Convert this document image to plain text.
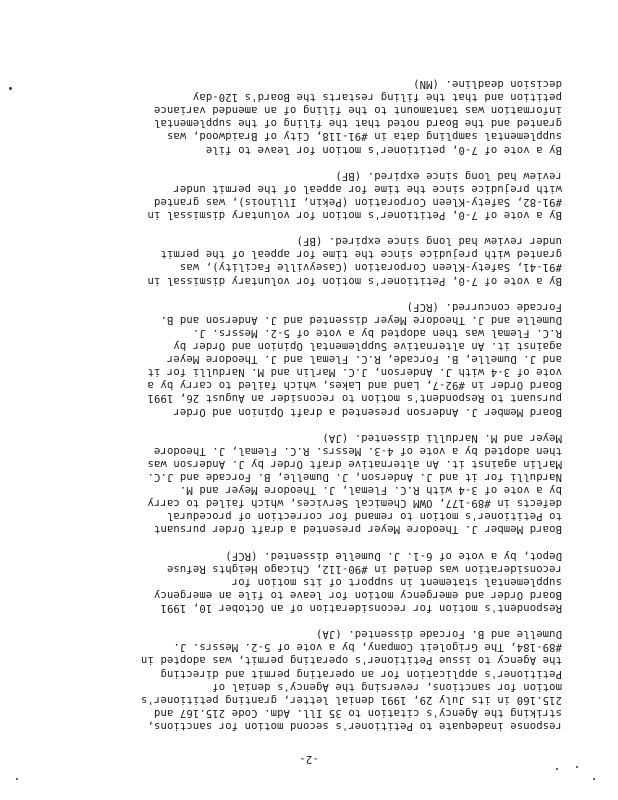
-2-
response inadequate to Petitioner's second motion for sanctions,
striking the Agency's citation to 35 Ill. Adm. Code 215.167 and
215.160 in its July 29, 1991 denial letter, granting petitioner's
motion for sanctions, reversing the Agency's denial of
Petitioner's application for an operating permit and directing
the Agency to issue Petitioner's operating permit, was adopted in
#89-184, The Grigoleit Company, by a vote of 5-2. Messrs. J.
Dumelle and B. Forcade dissented. (JA)
Respondent's motion for reconsideration of an October 10, 1991
Board Order and emergency motion for leave to file an emergency
supplemental statement in support of its motion for
reconsideration was denied in #90-112, Chicago Heights Refuse
Depot, by a vote of 6-1. J. Dumelle dissented. (RCF)
Board Member J. Theodore Meyer presented a draft Order pursuant
to Petitioner's motion to remand for correction of procedural
defects in #89-177, OWM Chemical Services, which failed to carry
by a vote of 3-4 with R.C. Flemal, J. Theodore Meyer and M.
Nardulli for it and J. Anderson, J. Dumelle, B. Forcade and J.C.
Marlin against it. An alternative draft Order by J. Anderson was
then adopted by a vote of 4-3. Messrs. R.C. Flemal, J. Theodore
Meyer and M. Nardulli dissented. (JA)
Board Member J. Anderson presented a draft Opinion and Order
pursuant to Respondent's motion to reconsider an August 26, 1991
Board Order in #92-7, Land and Lakes, which failed to carry by a
vote of 3-4 with J. Anderson, J.C. Marlin and M. Nardulli for it
and J. Dumelle, B. Forcade, R.C. Flemal and J. Theodore Meyer
against it. An alternative Supplemental Opinion and Order by
R.C. Flemal was then adopted by a vote of 5-2. Messrs. J.
Dumelle and J. Theodore Meyer dissented and J. Anderson and B.
Forcade concurred. (RCF)
By a vote of 7-0, Petitioner's motion for voluntary dismissal in
#91-41, Safety-Kleen Corporation (Caseyville Facility), was
granted with prejudice since the time for appeal of the permit
under review had long since expired. (BF)
By a vote of 7-0, Petitioner's motion for voluntary dismissal in
#91-82, Safety-Kleen Corporation (Pekin, Illinois), was granted
with prejudice since the time for appeal of the permit under
review had long since expired. (BF)
By a vote of 7-0, petitioner's motion for leave to file
supplemental sampling data in #91-118, City of Braidwood, was
granted and the Board noted that the filing of the supplemental
information was tantamount to the filing of an amended variance
petition and that the filing restarts the Board's 120-day
decision deadline. (MN)
